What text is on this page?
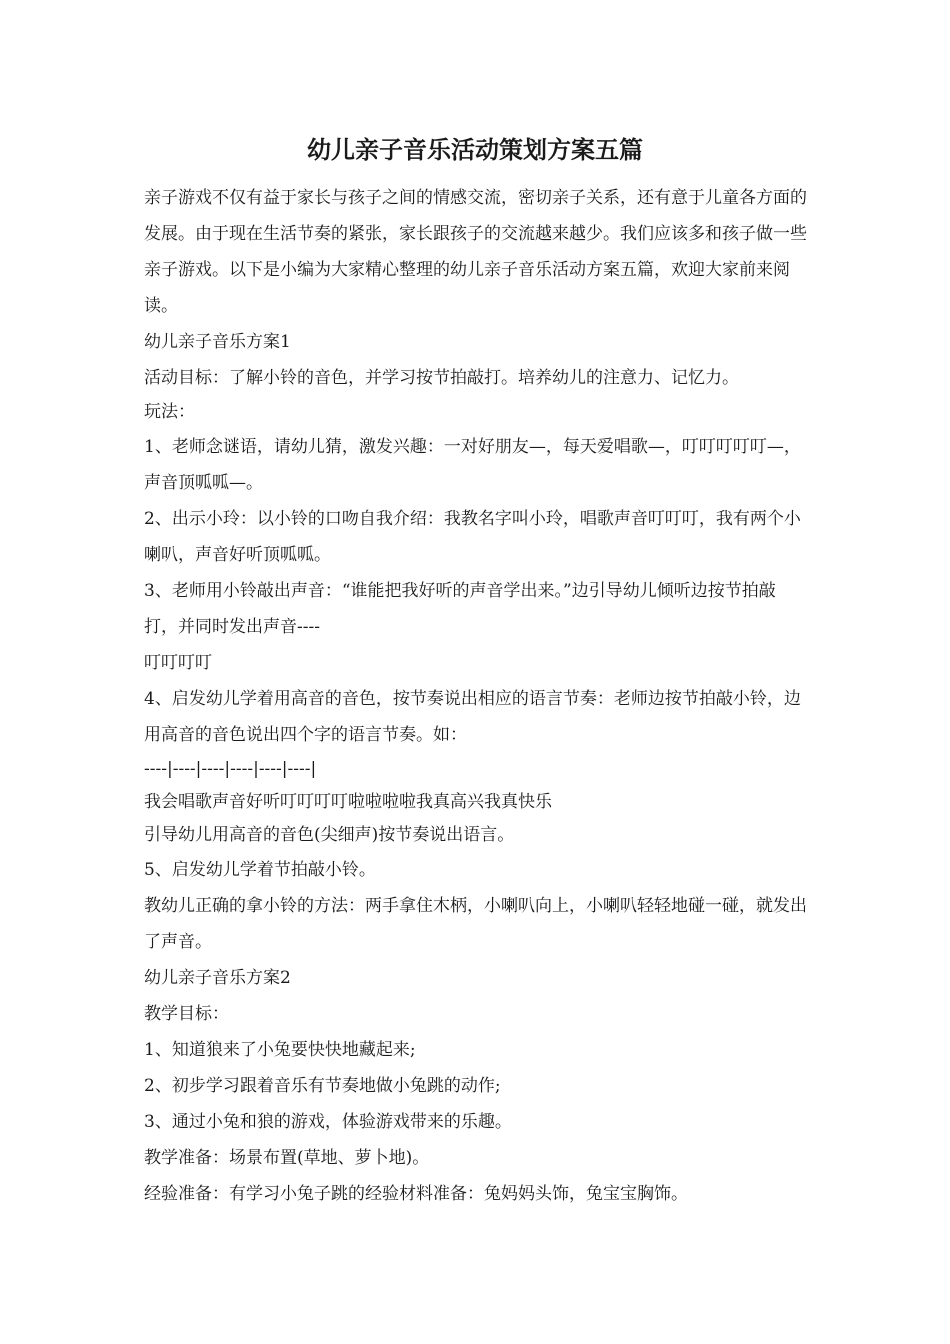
幼儿亲子音乐活动策划方案五篇

亲子游戏不仅有益于家长与孩子之间的情感交流，密切亲子关系，还有意于儿童各方面的发展。由于现在生活节奏的紧张，家长跟孩子的交流越来越少。我们应该多和孩子做一些亲子游戏。以下是小编为大家精心整理的幼儿亲子音乐活动方案五篇，欢迎大家前来阅读。

幼儿亲子音乐方案1

活动目标：了解小铃的音色，并学习按节拍敲打。培养幼儿的注意力、记忆力。

玩法：

1、老师念谜语，请幼儿猜，激发兴趣：一对好朋友—，每天爱唱歌—，叮叮叮叮叮—，声音顶呱呱—。

2、出示小玲：以小铃的口吻自我介绍：我教名字叫小玲，唱歌声音叮叮叮，我有两个小喇叭，声音好听顶呱呱。

3、老师用小铃敲出声音：“谁能把我好听的声音学出来。”边引导幼儿倾听边按节拍敲打，并同时发出声音----

叮叮叮叮

4、启发幼儿学着用高音的音色，按节奏说出相应的语言节奏：老师边按节拍敲小铃，边用高音的音色说出四个字的语言节奏。如：

----|----|----|----|----|----|

我会唱歌声音好听叮叮叮叮啦啦啦啦我真高兴我真快乐

引导幼儿用高音的音色(尖细声)按节奏说出语言。

5、启发幼儿学着节拍敲小铃。

教幼儿正确的拿小铃的方法：两手拿住木柄，小喇叭向上，小喇叭轻轻地碰一碰，就发出了声音。

幼儿亲子音乐方案2

教学目标：

1、知道狼来了小兔要快快地藏起来;

2、初步学习跟着音乐有节奏地做小兔跳的动作;

3、通过小兔和狼的游戏，体验游戏带来的乐趣。

教学准备：场景布置(草地、萝卜地)。

经验准备：有学习小兔子跳的经验材料准备：兔妈妈头饰，兔宝宝胸饰。
